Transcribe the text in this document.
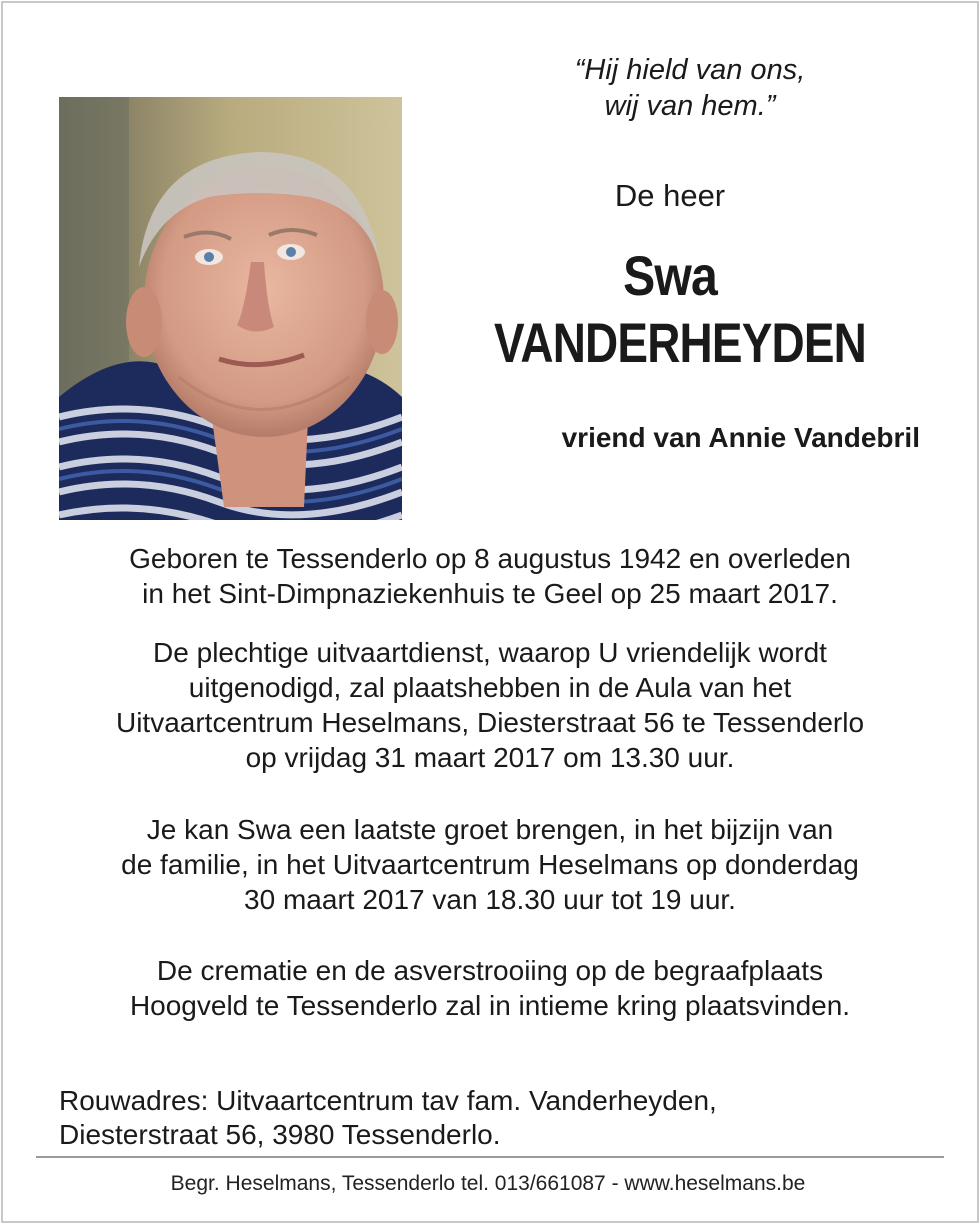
“Hij hield van ons,
wij van hem.”
De heer
Swa
VANDERHEYDEN
vriend van Annie Vandebril
Geboren te Tessenderlo op 8 augustus 1942 en overleden
in het Sint-Dimpnaziekenhuis te Geel op 25 maart 2017.
De plechtige uitvaartdienst, waarop U vriendelijk wordt
uitgenodigd, zal plaatshebben in de Aula van het
Uitvaartcentrum Heselmans, Diesterstraat 56 te Tessenderlo
op vrijdag 31 maart 2017 om 13.30 uur.
Je kan Swa een laatste groet brengen, in het bijzijn van
de familie, in het Uitvaartcentrum Heselmans op donderdag
30 maart 2017 van 18.30 uur tot 19 uur.
De crematie en de asverstrooiing op de begraafplaats
Hoogveld te Tessenderlo zal in intieme kring plaatsvinden.
Rouwadres: Uitvaartcentrum tav fam. Vanderheyden,
Diesterstraat 56, 3980 Tessenderlo.
Begr. Heselmans, Tessenderlo tel. 013/661087 - www.heselmans.be
